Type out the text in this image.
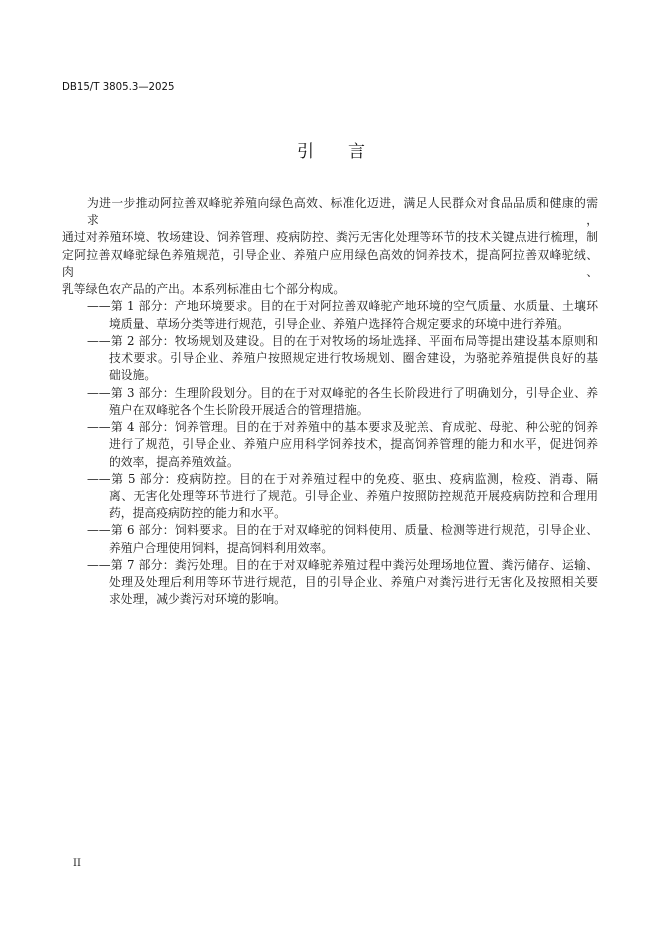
DB15/T 3805.3—2025
引　　言
为进一步推动阿拉善双峰驼养殖向绿色高效、标准化迈进，满足人民群众对食品品质和健康的需求，
通过对养殖环境、牧场建设、饲养管理、疫病防控、粪污无害化处理等环节的技术关键点进行梳理，制
定阿拉善双峰驼绿色养殖规范，引导企业、养殖户应用绿色高效的饲养技术，提高阿拉善双峰驼绒、肉、
乳等绿色农产品的产出。本系列标准由七个部分构成。
——第 1 部分：产地环境要求。目的在于对阿拉善双峰驼产地环境的空气质量、水质量、土壤环
境质量、草场分类等进行规范，引导企业、养殖户选择符合规定要求的环境中进行养殖。
——第 2 部分：牧场规划及建设。目的在于对牧场的场址选择、平面布局等提出建设基本原则和
技术要求。引导企业、养殖户按照规定进行牧场规划、圈舍建设，为骆驼养殖提供良好的基
础设施。
——第 3 部分：生理阶段划分。目的在于对双峰驼的各生长阶段进行了明确划分，引导企业、养
殖户在双峰驼各个生长阶段开展适合的管理措施。
——第 4 部分：饲养管理。目的在于对养殖中的基本要求及驼羔、育成驼、母驼、种公驼的饲养
进行了规范，引导企业、养殖户应用科学饲养技术，提高饲养管理的能力和水平，促进饲养
的效率，提高养殖效益。
——第 5 部分：疫病防控。目的在于对养殖过程中的免疫、驱虫、疫病监测，检疫、消毒、隔
离、无害化处理等环节进行了规范。引导企业、养殖户按照防控规范开展疫病防控和合理用
药，提高疫病防控的能力和水平。
——第 6 部分：饲料要求。目的在于对双峰驼的饲料使用、质量、检测等进行规范，引导企业、
养殖户合理使用饲料，提高饲料利用效率。
——第 7 部分：粪污处理。目的在于对双峰驼养殖过程中粪污处理场地位置、粪污储存、运输、
处理及处理后利用等环节进行规范，目的引导企业、养殖户对粪污进行无害化及按照相关要
求处理，减少粪污对环境的影响。
II
